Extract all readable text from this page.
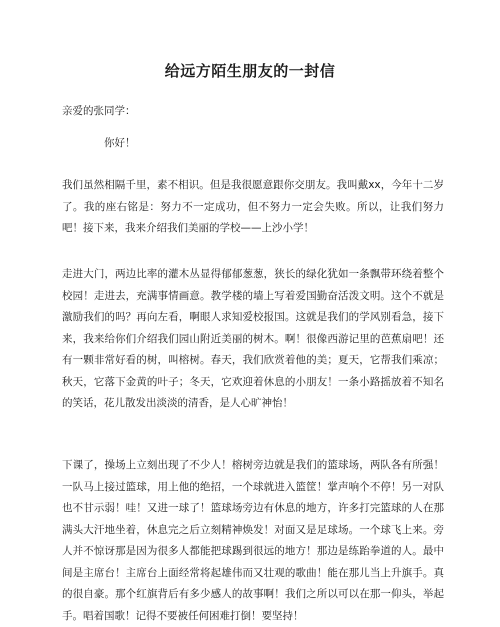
给远方陌生朋友的一封信
亲爱的张同学：
你好！

我们虽然相隔千里，素不相识。但是我很愿意跟你交朋友。我叫戴xx，今年十二岁了。我的座右铭是：努力不一定成功，但不努力一定会失败。所以，让我们努力吧！接下来，我来介绍我们美丽的学校——上沙小学！

走进大门，两边比率的灌木丛显得郁郁葱葱，狭长的绿化犹如一条飘带环绕着整个校园！走进去，充满事情画意。教学楼的墙上写着爱国勤奋活泼文明。这个不就是激励我们的吗？再向左看，啊眼人求知爱校报国。这就是我们的学风别看急，接下来，我来给你们介绍我们园山附近美丽的树木。啊！很像西游记里的芭蕉扇吧！还有一颗非常好看的树，叫榕树。春天，我们欣赏着他的美；夏天，它帮我们乘凉；秋天，它落下金黄的叶子；冬天，它欢迎着休息的小朋友！一条小路摇放着不知名的笑话，花儿散发出淡淡的清香，是人心旷神怡！

下课了，操场上立刻出现了不少人！榕树旁边就是我们的篮球场，两队各有所强！一队马上接过篮球，用上他的绝招，一个球就进入篮筐！掌声响个不停！另一对队也不甘示弱！哇！又进一球了！篮球场旁边有休息的地方，许多打完篮球的人在那满头大汗地坐着，休息完之后立刻精神焕发！对面又是足球场。一个球飞上来。旁人并不惊讶那是因为很多人都能把球踢到很远的地方！那边是练跆拳道的人。最中间是主席台！主席台上面经常将起雄伟而又壮观的歌曲！能在那儿当上升旗手。真的很自豪。那个红旗背后有多少感人的故事啊！我们之所以可以在那一仰头，举起手。唱着国歌！记得不要被任何困难打倒！要坚持！
